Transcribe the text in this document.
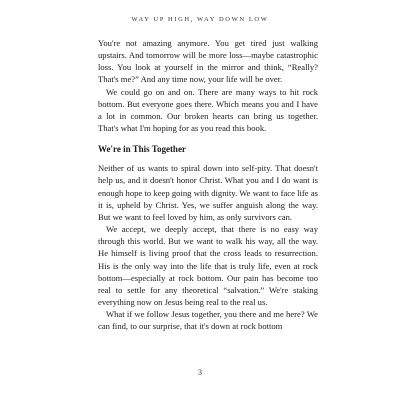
WAY UP HIGH, WAY DOWN LOW

You're not amazing anymore. You get tired just walking upstairs. And tomorrow will be more loss—maybe catastrophic loss. You look at yourself in the mirror and think, “Really? That's me?” And any time now, your life will be over.

We could go on and on. There are many ways to hit rock bottom. But everyone goes there. Which means you and I have a lot in common. Our broken hearts can bring us together. That's what I'm hoping for as you read this book.

We're in This Together

Neither of us wants to spiral down into self-pity. That doesn't help us, and it doesn't honor Christ. What you and I do want is enough hope to keep going with dignity. We want to face life as it is, upheld by Christ. Yes, we suffer anguish along the way. But we want to feel loved by him, as only survivors can.

We accept, we deeply accept, that there is no easy way through this world. But we want to walk his way, all the way. He himself is living proof that the cross leads to resurrection. His is the only way into the life that is truly life, even at rock bottom—especially at rock bottom. Our pain has become too real to settle for any theoretical “salvation.” We're staking everything now on Jesus being real to the real us.

What if we follow Jesus together, you there and me here? We can find, to our surprise, that it's down at rock bottom

3
